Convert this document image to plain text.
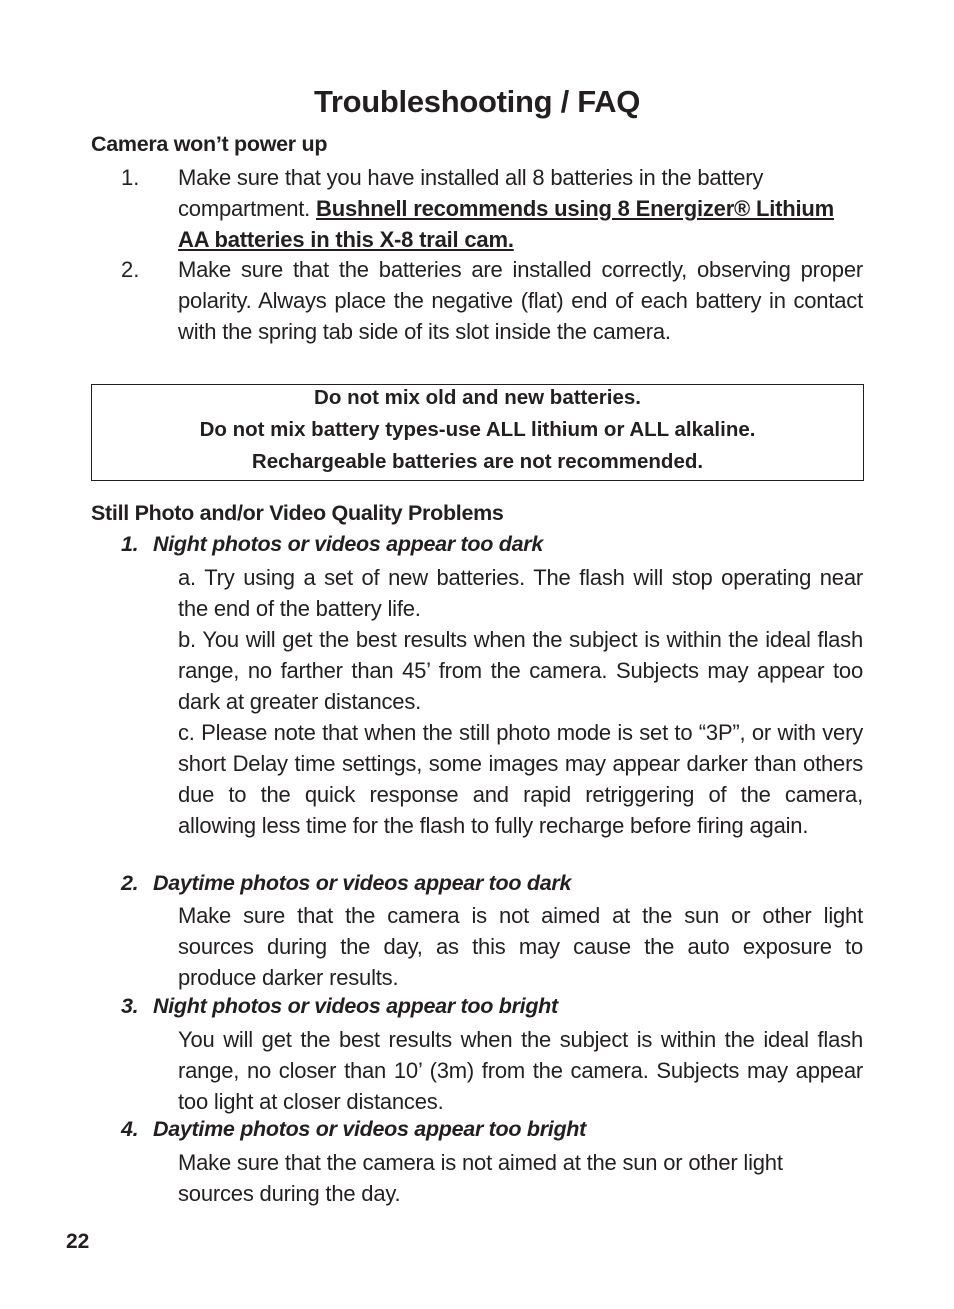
Troubleshooting / FAQ
Camera won’t power up
1. Make sure that you have installed all 8 batteries in the battery compartment. Bushnell recommends using 8 Energizer® Lithium AA batteries in this X-8 trail cam.
2. Make sure that the batteries are installed correctly, observing proper polarity. Always place the negative (flat) end of each battery in contact with the spring tab side of its slot inside the camera.
Do not mix old and new batteries.
Do not mix battery types-use ALL lithium or ALL alkaline.
Rechargeable batteries are not recommended.
Still Photo and/or Video Quality Problems
1. Night photos or videos appear too dark
a. Try using a set of new batteries. The flash will stop operating near the end of the battery life.
b. You will get the best results when the subject is within the ideal flash range, no farther than 45’ from the camera. Subjects may appear too dark at greater distances.
c. Please note that when the still photo mode is set to “3P”, or with very short Delay time settings, some images may appear darker than others due to the quick response and rapid retriggering of the camera, allowing less time for the flash to fully recharge before firing again.
2. Daytime photos or videos appear too dark
Make sure that the camera is not aimed at the sun or other light sources during the day, as this may cause the auto exposure to produce darker results.
3. Night photos or videos appear too bright
You will get the best results when the subject is within the ideal flash range, no closer than 10’ (3m) from the camera. Subjects may appear too light at closer distances.
4. Daytime photos or videos appear too bright
Make sure that the camera is not aimed at the sun or other light sources during the day.
22
